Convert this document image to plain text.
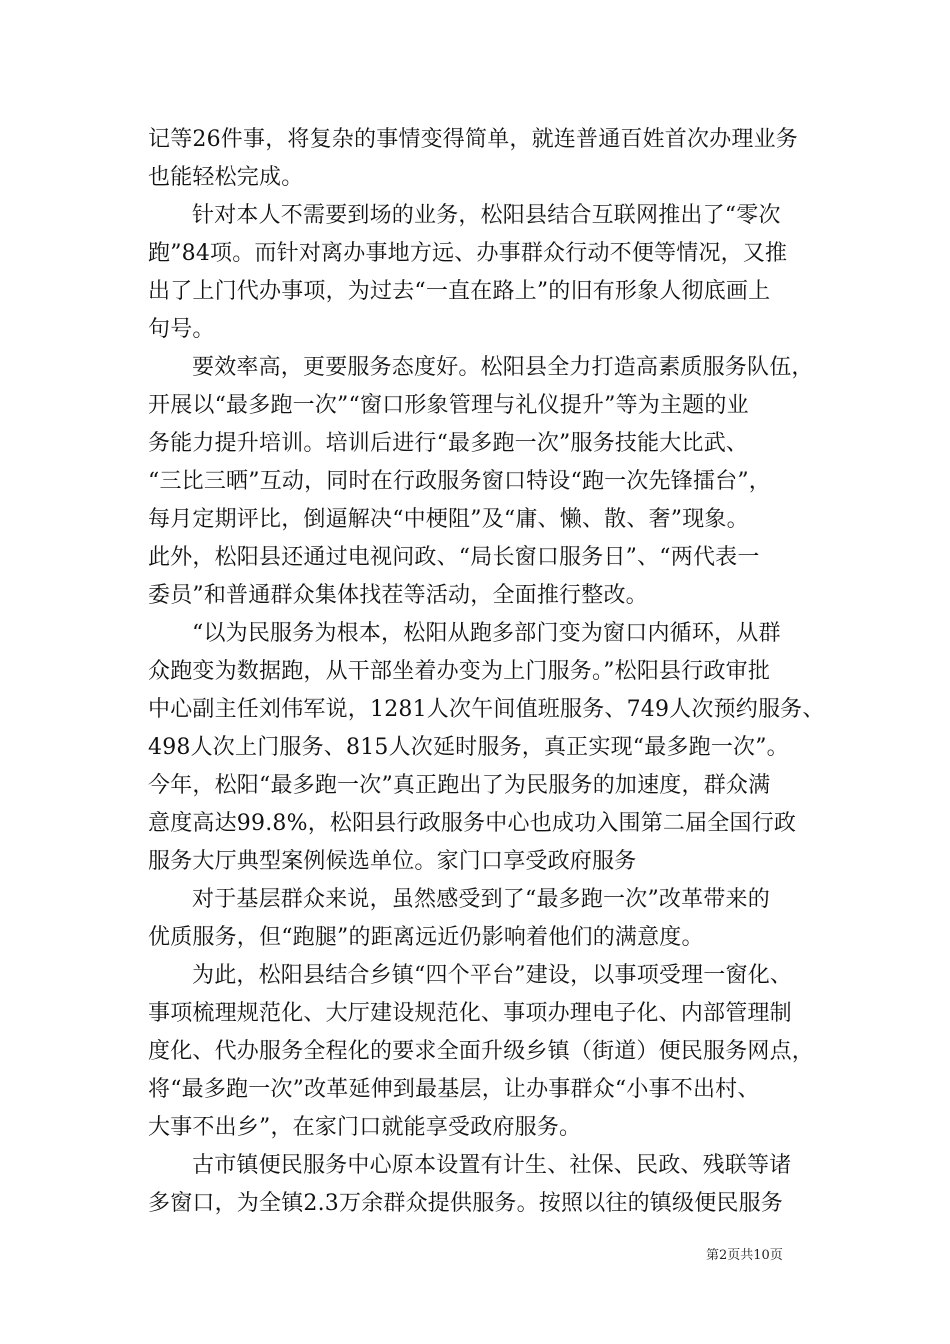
记等26件事，将复杂的事情变得简单，就连普通百姓首次办理业务
也能轻松完成。
针对本人不需要到场的业务，松阳县结合互联网推出了“零次
跑”84项。而针对离办事地方远、办事群众行动不便等情况，又推
出了上门代办事项，为过去“一直在路上”的旧有形象人彻底画上
句号。
要效率高，更要服务态度好。松阳县全力打造高素质服务队伍，
开展以“最多跑一次”“窗口形象管理与礼仪提升”等为主题的业
务能力提升培训。培训后进行“最多跑一次”服务技能大比武、
“三比三晒”互动，同时在行政服务窗口特设“跑一次先锋擂台”，
每月定期评比，倒逼解决“中梗阻”及“庸、懒、散、奢”现象。
此外，松阳县还通过电视问政、“局长窗口服务日”、“两代表一
委员”和普通群众集体找茬等活动，全面推行整改。
“以为民服务为根本，松阳从跑多部门变为窗口内循环，从群
众跑变为数据跑，从干部坐着办变为上门服务。”松阳县行政审批
中心副主任刘伟军说，1281人次午间值班服务、749人次预约服务、
498人次上门服务、815人次延时服务，真正实现“最多跑一次”。
今年，松阳“最多跑一次”真正跑出了为民服务的加速度，群众满
意度高达99.8%，松阳县行政服务中心也成功入围第二届全国行政
服务大厅典型案例候选单位。家门口享受政府服务
对于基层群众来说，虽然感受到了“最多跑一次”改革带来的
优质服务，但“跑腿”的距离远近仍影响着他们的满意度。
为此，松阳县结合乡镇“四个平台”建设，以事项受理一窗化、
事项梳理规范化、大厅建设规范化、事项办理电子化、内部管理制
度化、代办服务全程化的要求全面升级乡镇（街道）便民服务网点，
将“最多跑一次”改革延伸到最基层，让办事群众“小事不出村、
大事不出乡”，在家门口就能享受政府服务。
古市镇便民服务中心原本设置有计生、社保、民政、残联等诸
多窗口，为全镇2.3万余群众提供服务。按照以往的镇级便民服务
第2页共10页
